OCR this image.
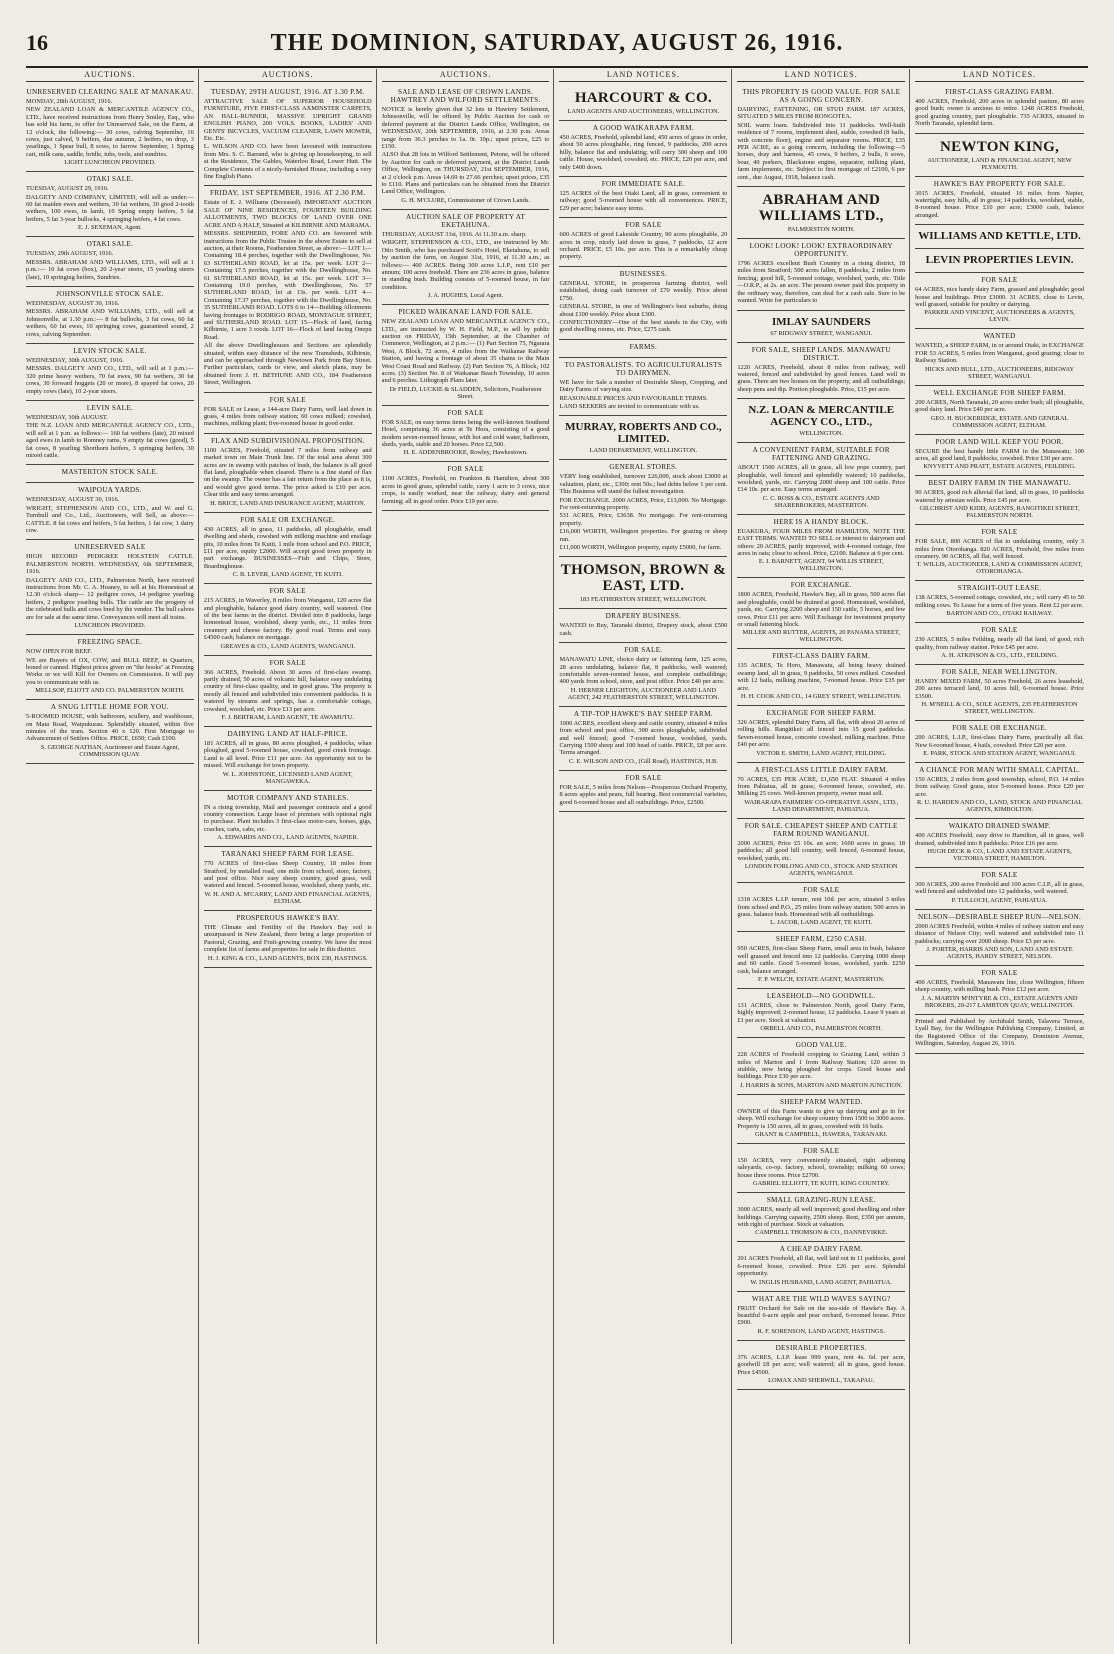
16	THE DOMINION, SATURDAY, AUGUST 26, 1916.
AUCTIONS.
UNRESERVED CLEARING SALE AT MANAKAU.

MONDAY, 28th AUGUST, 1916.

NEW ZEALAND LOAN & MERCANTILE AGENCY CO., LTD., have received instructions from Henry Smiley, Esq., who has sold his farm, to offer for Unreserved Sale, on the Farm, at 12 o'clock, the following:— 30 cows, calving September, 16 cows, just calved, 9 heifers, due autumn, 2 heifers, on drop, 3 yearlings, 1 Spear bull, 8 sows, to farrow September, 1 Spring cart, milk cans, saddle, bridle, tubs, tools, and sundries.

LIGHT LUNCHEON PROVIDED.
OTAKI SALE.

TUESDAY, AUGUST 29, 1916.

DALGETY AND COMPANY, LIMITED, will sell as under:— 60 fat maiden ewes and wethers, 30 fat wethers, 30 good 2-tooth wethers, 100 ewes, in lamb, 10 Spring empty heifers, 5 fat heifers, 5 fat 3-year bullocks, 4 springing heifers, 4 fat cows.

E. J. SEXEMAN, Agent.
OTAKI SALE.

TUESDAY, 29th AUGUST, 1916.

MESSRS. ABRAHAM AND WILLIAMS, LTD., will sell at 1 p.m.:— 10 fat cows (box), 20 2-year steers, 15 yearling steers (late), 10 springing heifers, Sundries.

JOHNSONVILLE STOCK SALE.

WEDNESDAY, AUGUST 30, 1916.

MESSRS. ABRAHAM AND WILLIAMS, LTD., will sell at Johnsonville, at 1.30 p.m.:— 8 fat bullocks, 3 fat cows, 60 fat wethers, 60 fat ewes, 10 springing cows, guaranteed sound, 2 cows, calving September.

LEVIN STOCK SALE.

WEDNESDAY, 30th AUGUST, 1916.

MESSRS. DALGETY AND CO., LTD., will sell at 1 p.m.:— 320 prime heavy wethers, 70 fat ewes, 90 fat wethers, 30 fat cows, 30 forward hoggets (20 or more), 8 spayed fat cows, 20 empty cows (late), 10 2-year steers.

LEVIN SALE.

WEDNESDAY, 30th AUGUST.

THE N.Z. LOAN AND MERCANTILE AGENCY CO., LTD., will sell at 1 p.m. as follows:— 160 fat wethers (late), 20 mixed aged ewes in lamb to Romney rams, 9 empty fat cows (good), 5 fat cows, 8 yearling Shorthorn heifers, 3 springing heifers, 30 mixed cattle.

MASTERTON STOCK SALE.
WAIPOUA YARDS.

WEDNESDAY, AUGUST 30, 1916.

WRIGHT, STEPHENSON AND CO., LTD., and W. and G. Turnbull and Co., Ltd., Auctioneers, will Sell, as above:— CATTLE. 8 fat cows and heifers, 5 fat heifers, 1 fat cow, 1 dairy cow.

UNRESERVED SALE

HIGH RECORD PEDIGREE HOLSTEIN CATTLE. PALMERSTON NORTH. WEDNESDAY, 6th SEPTEMBER, 1916.

DALGETY AND CO., LTD., Palmerston North, have received instructions from Mr. C. A. Hoaney, to sell at his Homestead at 12.30 o'clock sharp— 12 pedigree cows, 14 pedigree yearling heifers, 2 pedigree yearling bulls. The cattle are the progeny of the celebrated bulls and cows bred by the vendor. The bull calves are for sale at the same time. Conveyances will meet all trains.

LUNCHEON PROVIDED.
FREEZING SPACE.

NOW OPEN FOR BEEF.

WE are Buyers of OX, COW, and BULL BEEF, in Quarters, boned or canned. Highest prices given on "the hooks" at Freezing Works or we will Kill for Owners on Commission. It will pay you to communicate with us.

MELLSOP, ELIOTT AND CO. PALMERSTON NORTH.
A SNUG LITTLE HOME FOR YOU.

5-ROOMED HOUSE, with bathroom, scullery, and washhouse, on Mata Road, Waipukurau. Splendidly situated, within five minutes of the tram. Section 40 x 120. First Mortgage to Advancement of Settlers Office. PRICE, £650; Cash £100.

S. GEORGE NATHAN, Auctioneer and Estate Agent, COMMISSION QUAY.
AUCTIONS.
TUESDAY, 29TH AUGUST, 1916. AT 1.30 P.M.

ATTRACTIVE SALE OF SUPERIOR HOUSEHOLD FURNITURE, FIVE FIRST-CLASS AXMINSTER CARPETS, AN HALL-RUNNER, MASSIVE UPRIGHT GRAND ENGLISH PIANO, 200 VOLS. BOOKS, LADIES' AND GENTS' BICYCLES, VACUUM CLEANER, LAWN MOWER, Etc. Etc.

L. WILSON AND CO. have been favoured with instructions from Mrs. S. C. Barrand, who is giving up housekeeping, to sell at the Residence, The Gables, Waterloo Road, Lower Hutt. The Complete Contents of a nicely-furnished House, including a very fine English Piano.

FRIDAY, 1ST SEPTEMBER, 1916. AT 2.30 P.M.

Estate of E. J. Williams (Deceased). IMPORTANT AUCTION SALE OF NINE RESIDENCES, FOURTEEN BUILDING ALLOTMENTS, TWO BLOCKS OF LAND OVER ONE ACRE AND A HALF, Situated at KILBIRNIE AND MARAMA.

MESSRS. SHEPHERD, FORE AND CO. are favoured with instructions from the Public Trustee in the above Estate to sell at auction, at their Rooms, Featherston Street, as above:— LOT 1—Containing 18.4 perches, together with the Dwellinghouse, No. 63 SUTHERLAND ROAD, let at 15s. per week. LOT 2—Containing 17.5 perches, together with the Dwellinghouse, No. 61 SUTHERLAND ROAD, let at 15s. per week. LOT 3—Containing 19.0 perches, with Dwellinghouse, No. 57 SUTHERLAND ROAD, let at 13s. per week. LOT 4—Containing 17.37 perches, together with the Dwellinghouse, No. 35 SUTHERLAND ROAD. LOTS 6 to 14—Building Allotments having frontages to RODRIGO ROAD, MONTAGUE STREET, and SUTHERLAND ROAD. LOT 15—Flock of land, facing Kilbirnie, 1 acre 3 roods. LOT 16—Flock of land facing Onepu Road.

All the above Dwellinghouses and Sections are splendidly situated, within easy distance of the new Tramsheds, Kilbirnie, and can be approached through Newtown Park from Bay Street. Further particulars, cards to view, and sketch plans, may be obtained from J. H. BETHUNE AND CO., 184 Featherston Street, Wellington.

FOR SALE

FOR SALE or Lease, a 144-acre Dairy Farm, well laid down in grass, 4 miles from railway station; 60 cows milked; cowshed, machines, milking plant; five-roomed house in good order.

FLAX AND SUBDIVISIONAL PROPOSITION.

1100 ACRES, Freehold, situated 7 miles from railway and market town on Main Trunk line. Of the total area about 300 acres are in swamp with patches of bush, the balance is all good flat land, ploughable when cleared. There is a fine stand of flax on the swamp. The owner has a fair return from the place as it is, and would give good terms. The price asked is £10 per acre. Clear title and easy terms arranged.

H. BRICE, LAND AND INSURANCE AGENT, MARTON.
FOR SALE OR EXCHANGE.

430 ACRES, all in grass, 11 paddocks, all ploughable, small dwelling and sheds, cowshed with milking machine and ensilage pits, 10 miles from Te Kuiti, 1 mile from school and P.O. PRICE, £11 per acre, equity £2000. Will accept good town property in part exchange. BUSINESSES—Fish and Chips, Store, Boardinghouse.

C. B. LEVER, LAND AGENT, TE KUITI.
FOR SALE

215 ACRES, in Waverley, 8 miles from Wanganui, 120 acres flat and ploughable, balance good dairy country, well watered. One of the best farms in the district. Divided into 8 paddocks, large homestead house, woolshed, sheep yards, etc., 11 miles from creamery and cheese factory. By good road. Terms and easy. £4500 cash; balance on mortgage.

GREAVES & CO., LAND AGENTS, WANGANUI.
FOR SALE

366 ACRES, Freehold. About 30 acres of first-class swamp, partly drained, 50 acres of volcanic hill, balance easy undulating country of first-class quality, and in good grass. The property is mostly all fenced and subdivided into convenient paddocks. It is watered by streams and springs, has a comfortable cottage, cowshed, woolshed, etc. Price £13 per acre.

F. J. BERTRAM, LAND AGENT, TE AWAMUTU.
DAIRYING LAND AT HALF-PRICE.

181 ACRES, all in grass, 80 acres ploughed, 4 paddocks, whan ploughed, good 5-roomed house, cowshed, good creek frontage. Land is all level. Price £11 per acre. An opportunity not to be missed. Will exchange for town property.

W. L. JOHNSTONE, LICENSED LAND AGENT, MANGAWEKA.
MOTOR COMPANY AND STABLES.

IN a rising township, Mail and passenger contracts and a good country connection. Large lease of premises with optional right to purchase. Plant includes 3 first-class motor-cars, horses, gigs, coaches, carts, cabs, etc.

A. EDWARDS AND CO., LAND AGENTS, NAPIER.
TARANAKI SHEEP FARM FOR LEASE.

770 ACRES of first-class Sheep Country, 18 miles from Stratford, by metalled road, one mile from school, store, factory, and post office. Nice easy sheep country, good grass, well watered and fenced. 5-roomed house, woolshed, sheep yards, etc.

W. H. AND A. M'CARRY, LAND AND FINANCIAL AGENTS, ELTHAM.
PROSPEROUS HAWKE'S BAY.

THE Climate and Fertility of the Hawke's Bay soil is unsurpassed in New Zealand, there being a large proportion of Pastoral, Grazing, and Fruit-growing country. We have the most complete list of farms and properties for sale in this district.

H. J. KING & CO., LAND AGENTS, BOX 230, HASTINGS.
AUCTIONS.
SALE AND LEASE OF CROWN LANDS. HAWTREY AND WILFORD SETTLEMENTS.

NOTICE is hereby given that 32 lots in Hawtrey Settlement, Johnsonville, will be offered by Public Auction for cash or deferred payment at the District Lands Office, Wellington, on WEDNESDAY, 20th SEPTEMBER, 1916, at 2.30 p.m. Areas range from 36.3 perches to 1a. 0r. 10p.; upset prices, £25 to £150.

ALSO that 28 lots in Wilford Settlement, Petone, will be offered by Auction for cash or deferred payment, at the District Lands Office, Wellington, on THURSDAY, 21st SEPTEMBER, 1916, at 2 o'clock p.m. Areas 14.69 to 27.66 perches; upset prices, £35 to £110. Plans and particulars can be obtained from the District Land Office, Wellington.

G. H. M'CLURE, Commissioner of Crown Lands.
AUCTION SALE OF PROPERTY AT EKETAHUNA.

THURSDAY, AUGUST 31st, 1916. At 11.30 a.m. sharp.

WRIGHT, STEPHENSON & CO., LTD., are instructed by Mr. Otto Smith, who has purchased Scott's Hotel, Eketahuna, to sell by auction the farm, on August 31st, 1916, at 11.30 a.m., as follows:— 400 ACRES. Being 300 acres L.I.P., rent £10 per annum; 100 acres freehold. There are 236 acres in grass, balance in standing bush. Building consists of 5-roomed house, in fair condition.

J. A. HUGHES, Local Agent.
PICKED WAIKANAE LAND FOR SALE.

NEW ZEALAND LOAN AND MERCANTILE AGENCY CO., LTD., are instructed by W. H. Field, M.P., to sell by public auction on FRIDAY, 15th September, at the Chamber of Commerce, Wellington, at 2 p.m.:— (1) Part Section 75, Ngarara West, A Block, 72 acres, 4 miles from the Waikanae Railway Station, and having a frontage of about 35 chains to the Main West Coast Road and Railway. (2) Part Section 76, A Block, 102 acres. (3) Section No. 8 of Waikanae Beach Township, 10 acres and 6 perches. Lithograph Plans later.

Dr FIELD, LUCKIE & SLADDEN, Solicitors, Featherston Street.
FOR SALE

FOR SALE, on easy terms items being the well-known Southend Hotel, comprising 36 acres at Te Hora, consisting of a good modern seven-roomed house, with hot and cold water, bathroom, sheds, yards, stable and 20 horses. Price £2,500.

H. E. ADDENBROOKE, Rowley, Hawkestown.
FOR SALE

1100 ACRES, Freehold, on Frankton & Hamilton, about 300 acres in good grass, splendid cattle, carry 1 acre to 3 cows, nice crops, is easily worked, near the railway, dairy and general farming; all in good order. Price £19 per acre.

LAND NOTICES.
HARCOURT & CO.
LAND AGENTS AND AUCTIONEERS, WELLINGTON.
A GOOD WAIKARAPA FARM.

450 ACRES, Freehold, splendid land, 450 acres of grass in order, about 50 acres ploughable, ring fenced, 9 paddocks, 200 acres hilly, balance flat and undulating; will carry 300 sheep and 100 cattle. House, woolshed, cowshed, etc. PRICE, £20 per acre, and only £400 down.

FOR IMMEDIATE SALE.

125 ACRES of the best Otaki Land, all in grass, convenient to railway; good 5-roomed house with all conveniences. PRICE, £29 per acre; balance easy terms.

FOR SALE

600 ACRES of good Lakeside Country, 90 acres ploughable, 20 acres in crop, nicely laid down in grass, 7 paddocks, 12 acre orchard. PRICE, £5 10s. per acre. This is a remarkably cheap property.

BUSINESSES.

GENERAL STORE, in prosperous farming district, well established, doing cash turnover of £70 weekly. Price about £750.

GENERAL STORE, in one of Wellington's best suburbs, doing about £100 weekly. Price about £300.

CONFECTIONERY—One of the best stands in the City, with good dwelling rooms, etc. Price, £275 cash.

FARMS.
TO PASTORALISTS. TO AGRICULTURALISTS TO DAIRYMEN.

WE have for Sale a number of Desirable Sheep, Cropping, and Dairy Farms of varying size.

REASONABLE PRICES AND FAVOURABLE TERMS.

LAND SEEKERS are invited to communicate with us.

MURRAY, ROBERTS AND CO., LIMITED.
LAND DEPARTMENT, WELLINGTON.
GENERAL STORES.

VERY long established, turnover £26,000, stock about £3000 at valuation, plant, etc., £300; rent 50s.; bad debts below 1 per cent. This Business will stand the fullest investigation.

FOR EXCHANGE. 2000 ACRES, Price, £13,000. No Mortgage. For rent-returning property.

531 ACRES, Price, £3638. No mortgage. For rent-returning property.

£16,000 WORTH, Wellington properties. For grazing or sheep run.

£11,000 WORTH, Wellington property, equity £5000, for farm.

THOMSON, BROWN & EAST, LTD.
183 FEATHERSTON STREET, WELLINGTON.
DRAPERY BUSINESS.

WANTED to Buy, Taranaki district, Drapery stock, about £500 cash.

FOR SALE.

MANAWATU LINE, choice dairy or fattening farm, 125 acres, 28 acres undulating, balance flat, 8 paddocks, well watered; comfortable seven-roomed house, and complete outbuildings; 400 yards from school, store, and post office. Price £40 per acre.

H. HERNER LEIGHTON, AUCTIONEER AND LAND AGENT, 242 FEATHERSTON STREET, WELLINGTON.
A TIP-TOP HAWKE'S BAY SHEEP FARM.

1000 ACRES, excellent sheep and cattle country, situated 4 miles from school and post office, 300 acres ploughable, subdivided and well fenced; good 7-roomed house, woolshed, yards. Carrying 1500 sheep and 100 head of cattle. PRICE, £8 per acre. Terms arranged.

C. E. WILSON AND CO., (Gill Road), HASTINGS, H.B.
FOR SALE

FOR SALE, 5 miles from Nelson—Prosperous Orchard Property, 8 acres apples and pears, full bearing. Best commercial varieties, good 6-roomed house and all outbuildings. Price, £2500.

LAND NOTICES.
THIS PROPERTY IS GOOD VALUE. FOR SALE AS A GOING CONCERN.

DAIRYING, FATTENING, OR STUD FARM. 187 ACRES, SITUATED 3 MILES FROM RONGOTEA.

SOIL warm loam. Subdivided into 11 paddocks. Well-built residence of 7 rooms, implement shed, stable, cowshed (8 bails, with concrete floor), engine and separator rooms. PRICE, £35 PER ACRE, as a going concern, including the following:—5 horses, dray and harness, 45 cows, 9 heifers, 2 bulls, 6 sows, boar, 40 porkers, Blackstone engine, separator, milking plant, farm implements, etc. Subject to first mortgage of £2100, 6 per cent., due August, 1918, balance cash.

ABRAHAM AND WILLIAMS LTD.,
PALMERSTON NORTH.
LOOK! LOOK! LOOK! EXTRAORDINARY OPPORTUNITY.

1796 ACRES excellent Bush Country in a rising district, 18 miles from Stratford; 500 acres fallen, 8 paddocks, 2 miles from fencing; good hill, 5-roomed cottage, woolshed, yards, etc. Title—O.R.P., at 2s. an acre. The present owner paid this property in the ordinary way, therefore, can deal for a cash sale. Sure to be wanted. Write for particulars to

IMLAY SAUNDERS
67 RIDGWAY STREET, WANGANUI.
FOR SALE, SHEEP LANDS. MANAWATU DISTRICT.

1220 ACRES, Freehold, about 8 miles from railway, well watered, fenced and subdivided by good fences. Land well in grass. There are two houses on the property, and all outbuildings; sheep pens and dip. Portion ploughable. Price, £15 per acre.

N.Z. LOAN & MERCANTILE AGENCY CO., LTD.,
WELLINGTON.
A CONVENIENT FARM, SUITABLE FOR FATTENING AND GRAZING.

ABOUT 1500 ACRES, all in grass, all low pope country, part ploughable, well fenced and splendidly watered; 10 paddocks, woolshed, yards, etc. Carrying 2000 sheep and 100 cattle. Price £14 10s. per acre. Easy terms arranged.

C. C. ROSS & CO., ESTATE AGENTS AND SHAREBROKERS, MASTERTON.
HERE IS A HANDY BLOCK.

EUAKURA, FOUR MILES FROM HAMILTON, NOTE THE EAST TERMS. WANTED TO SELL or interest to dairymen and others: 20 ACRES, partly improved, with 4-roomed cottage, five acres in oats; close to school. Price, £2100. Balance at 6 per cent.

E. J. BARNETT, AGENT, 94 WILLIS STREET, WELLINGTON.
FOR EXCHANGE.

1800 ACRES, Freehold, Hawke's Bay, all in grass, 500 acres flat and ploughable, could be drained at good. Homestead, woolshed, yards, etc. Carrying 2200 sheep and 150 cattle, 5 horses, and few cows. Price £11 per acre. Will Exchange for investment property or small fattening block.

MILLER AND RUTTER, AGENTS, 20 PANAMA STREET, WELLINGTON.
FIRST-CLASS DAIRY FARM.

135 ACRES, Te Horo, Manawatu, all being heavy drained swamp land, all in grass, 9 paddocks, 50 cows milked. Cowshed with 12 bails, milking machine, 7-roomed house. Price £35 per acre.

H. H. COOK AND CO., 14 GREY STREET, WELLINGTON.
EXCHANGE FOR SHEEP FARM.

326 ACRES, splendid Dairy Farm, all flat, with about 20 acres of rolling hills. Rangitikei: all fenced into 15 good paddocks. Seven-roomed house, concrete cowshed, milking machine. Price £40 per acre.

VICTOR E. SMITH, LAND AGENT, FEILDING.
A FIRST-CLASS LITTLE DAIRY FARM.

70 ACRES, £35 PER ACRE, £1,650 FLAT. Situated 4 miles from Pahiatua, all in grass; 6-roomed house, cowshed, etc. Milking 25 cows. Well-known property, owner must sell.

WAIRARAPA FARMERS' CO-OPERATIVE ASSN., LTD., LAND DEPARTMENT, PAHIATUA.
FOR SALE. CHEAPEST SHEEP AND CATTLE FARM ROUND WANGANUI.

2000 ACRES, Price £5 10s. an acre; 1600 acres in grass; 18 paddocks; all good hill country, well fenced, 6-roomed house, woolshed, yards, etc.

LONDON FORLONG AND CO., STOCK AND STATION AGENTS, WANGANUI.
FOR SALE

1318 ACRES L.I.P. tenure, rent 10d. per acre, situated 3 miles from school and P.O., 25 miles from railway station; 500 acres in grass. balance bush. Homestead with all outbuildings.

L. JACOB, LAND AGENT, TE KUITI.
SHEEP FARM, £250 CASH.

950 ACRES, first-class Sheep Farm, small area in bush, balance well grassed and fenced into 12 paddocks. Carrying 1000 sheep and 60 cattle. Good 5-roomed house, woolshed, yards. £250 cash, balance arranged.

F. P. WELCH, ESTATE AGENT, MASTERTON.
LEASEHOLD—NO GOODWILL.

131 ACRES, close to Palmerston North, good Dairy Farm, highly improved; 2-roomed house, 12 paddocks. Lease 9 years at £1 per acre. Stock at valuation.

ORBELL AND CO., PALMERSTON NORTH.
GOOD VALUE.

228 ACRES of Freehold cropping to Grazing Land, within 3 miles of Marton and 1 from Railway Station; 120 acres in stubble, now being ploughed for crops. Good house and buildings. Price £30 per acre.

J. HARRIS & SONS, MARTON AND MARTON JUNCTION.
SHEEP FARM WANTED.

OWNER of this Farm wants to give up dairying and go in for sheep. Will exchange for sheep country from 1500 to 3000 acres. Property is 150 acres, all in grass, cowshed with 16 bails.

GRANT & CAMPBELL, HAWERA, TARANAKI.
FOR SALE

150 ACRES, very conveniently situated, right adjoining saleyards, co-op. factory, school, township; milking 60 cows; house three rooms. Price £2700.

GABRIEL ELLIOTT, TE KUITI, KING COUNTRY.
SMALL GRAZING-RUN LEASE.

3000 ACRES, nearly all well improved; good dwelling and other buildings. Carrying capacity, 2500 sheep. Rent, £350 per annum, with right of purchase. Stock at valuation.

CAMPBELL THOMSON & CO., DANNEVIRKE.
A CHEAP DAIRY FARM.

201 ACRES Freehold, all flat, well laid out in 11 paddocks, good 6-roomed house, cowshed. Price £26 per acre. Splendid opportunity.

W. INGLIS HUSBAND, LAND AGENT, PAHIATUA.
WHAT ARE THE WILD WAVES SAYING?

FRUIT Orchard for Sale on the sea-side of Hawke's Bay. A beautiful 6-acre apple and pear orchard, 6-roomed house. Price £900.

R. F. SORENSON, LAND AGENT, HASTINGS.
DESIRABLE PROPERTIES.

376 ACRES, L.I.P. lease 999 years, rent 4s. 6d. per acre, goodwill £8 per acre; well watered; all in grass, good house. Price £4500.

LOMAX AND SHERWILL, TAKAPAU.
LAND NOTICES.
FIRST-CLASS GRAZING FARM.

400 ACRES, Freehold, 200 acres in splendid pasture, 80 acres good bush; owner is anxious to retire. 1248 ACRES Freehold, good grazing country, part ploughable. 735 ACRES, situated in North Taranaki, splendid farm.

NEWTON KING,
AUCTIONEER, LAND & FINANCIAL AGENT, NEW PLYMOUTH.
HAWKE'S BAY PROPERTY FOR SALE.

3015 ACRES, Freehold, situated 16 miles from Napier, watertight, easy hills, all in grass; 14 paddocks, woolshed, stable, 8-roomed house. Price £10 per acre; £3000 cash, balance arranged.

WILLIAMS AND KETTLE, LTD.
LEVIN PROPERTIES LEVIN.
FOR SALE

64 ACRES, nice handy dairy Farm, grassed and ploughable; good house and buildings. Price £3000. 31 ACRES, close to Levin, well grassed, suitable for poultry or dairying.

PARKER AND VINCENT, AUCTIONEERS & AGENTS, LEVIN.
WANTED

WANTED, a SHEEP FARM, in or around Otaki, in EXCHANGE FOR 53 ACRES, 5 miles from Wanganui, good grazing; close to Railway Station.

HICKS AND BULL, LTD., AUCTIONEERS, RIDGWAY STREET, WANGANUI.
WELL EXCHANGE FOR SHEEP FARM.

200 ACRES, North Taranaki, 20 acres under bush; all ploughable, good dairy land. Price £40 per acre.

GEO. H. BUCKERIDGE, ESTATE AND GENERAL COMMISSION AGENT, ELTHAM.
POOR LAND WILL KEEP YOU POOR.

SECURE the best handy little FARM in the Manawatu; 100 acres, all good land, 8 paddocks, cowshed. Price £30 per acre.

KNYVETT AND PRATT, ESTATE AGENTS, FEILDING.
BEST DAIRY FARM IN THE MANAWATU.

90 ACRES, good rich alluvial flat land, all in grass, 10 paddocks watered by artesian wells. Price £45 per acre.

GILCHRIST AND KIDD, AGENTS, RANGITIKEI STREET, PALMERSTON NORTH.
FOR SALE

FOR SALE, 800 ACRES of flat to undulating country, only 3 miles from Otorohanga. 820 ACRES, Freehold, five miles from creamery. 90 ACRES, all flat, well fenced.

T. WILLIS, AUCTIONEER, LAND & COMMISSION AGENT, OTOROHANGA.
STRAIGHT-OUT LEASE.

138 ACRES, 5-roomed cottage, cowshed, etc.; will carry 45 to 50 milking cows. To Lease for a term of five years. Rent £2 per acre.

BARTON AND CO., OTAKI RAILWAY.
FOR SALE

230 ACRES, 5 miles Feilding, nearly all flat land, of good, rich quality, from railway station. Price £45 per acre.

A. H. ATKINSON & CO., LTD., FEILDING.
FOR SALE, NEAR WELLINGTON.

HANDY MIXED FARM, 50 acres Freehold, 26 acres leasehold, 200 acres terraced land, 10 acres hill, 6-roomed house. Price £3500.

H. M'NEILL & CO., SOLE AGENTS, 235 FEATHERSTON STREET, WELLINGTON.
FOR SALE OR EXCHANGE.

200 ACRES, L.I.P., first-class Dairy Farm, practically all flat. New 6-roomed house, 4 bails, cowshed. Price £20 per acre.

E. PARK, STOCK AND STATION AGENT, WANGANUI.
A CHANCE FOR MAN WITH SMALL CAPITAL.

150 ACRES, 2 miles from good township, school, P.O. 14 miles from railway. Good grass, nice 5-roomed house. Price £20 per acre.

R. U. HARDEN AND CO., LAND, STOCK AND FINANCIAL AGENTS, KIMBOLTON.
WAIKATO DRAINED SWAMP.

400 ACRES Freehold, easy drive to Hamilton, all in grass, well drained, subdivided into 8 paddocks. Price £16 per acre.

HUGH DECK & CO., LAND AND ESTATE AGENTS, VICTORIA STREET, HAMILTON.
FOR SALE

300 ACRES, 200 acres Freehold and 100 acres C.I.P., all in grass, well fenced and subdivided into 12 paddocks, well watered.

P. TULLOCH, AGENT, PAHIATUA.
NELSON—DESIRABLE SHEEP RUN—NELSON.

2000 ACRES Freehold, within 4 miles of railway station and easy distance of Nelson City; well watered and subdivided into 11 paddocks; carrying over 2000 sheep. Price £3 per acre.

J. PORTER, HARRIS AND SON, LAND AND ESTATE AGENTS, HARDY STREET, NELSON.
FOR SALE

400 ACRES, Freehold, Manawatu line, close Wellington, fifteen sheep country, with milling bush. Price £12 per acre.

J. A. MARTIN M'INTYRE & CO., ESTATE AGENTS AND BROKERS, 20-217 LAMBTON QUAY, WELLINGTON.

Printed and Published by Archibald Smith, Talavera Terrace, Lyall Bay, for the Wellington Publishing Company, Limited, at the Registered Office of the Company, Dominion Avenue, Wellington, Saturday, August 26, 1916.
